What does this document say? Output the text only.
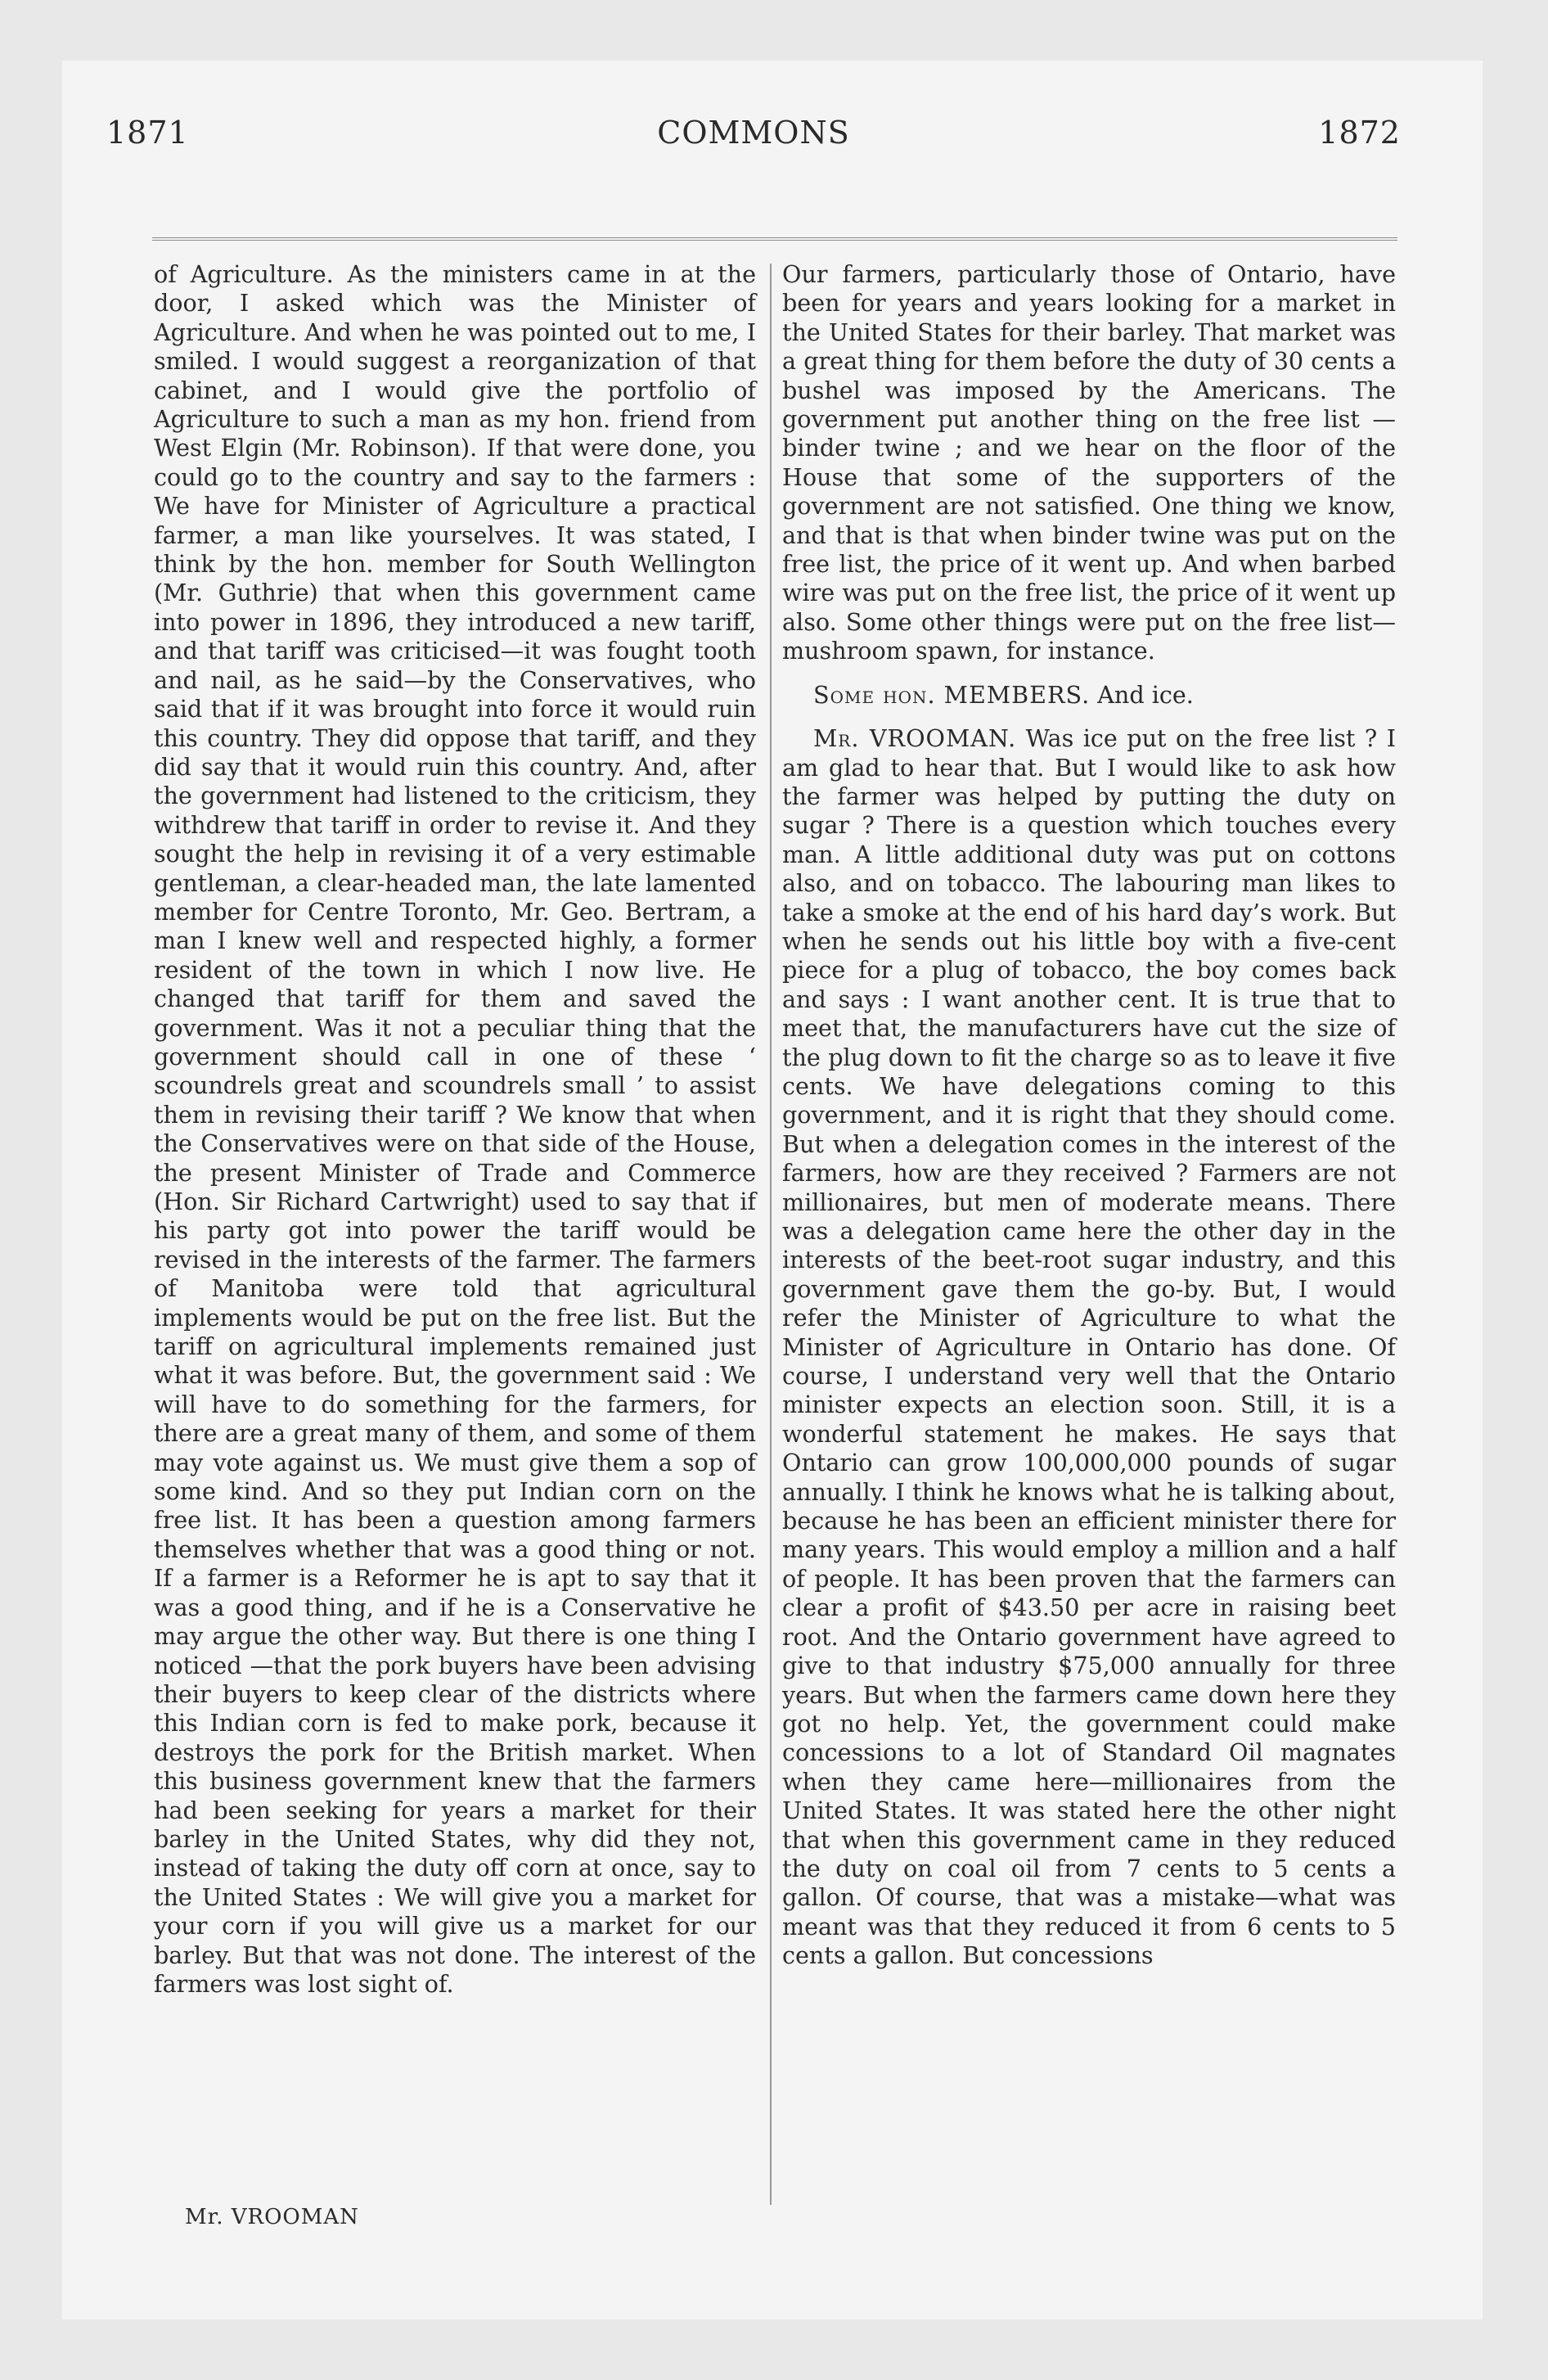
1871	COMMONS	1872

of Agriculture. As the ministers came in at the door, I asked which was the Minister of Agriculture. And when he was pointed out to me, I smiled. I would suggest a reorganization of that cabinet, and I would give the portfolio of Agriculture to such a man as my hon. friend from West Elgin (Mr. Robinson). If that were done, you could go to the country and say to the farmers : We have for Minister of Agriculture a practical farmer, a man like yourselves. It was stated, I think by the hon. member for South Wellington (Mr. Guthrie) that when this government came into power in 1896, they introduced a new tariff, and that tariff was criticised—it was fought tooth and nail, as he said—by the Conservatives, who said that if it was brought into force it would ruin this country. They did oppose that tariff, and they did say that it would ruin this country. And, after the government had listened to the criticism, they withdrew that tariff in order to revise it. And they sought the help in revising it of a very estimable gentleman, a clear-headed man, the late lamented member for Centre Toronto, Mr. Geo. Bertram, a man I knew well and respected highly, a former resident of the town in which I now live. He changed that tariff for them and saved the government. Was it not a peculiar thing that the government should call in one of these ‘ scoundrels great and scoundrels small ’ to assist them in revising their tariff ? We know that when the Conservatives were on that side of the House, the present Minister of Trade and Commerce (Hon. Sir Richard Cartwright) used to say that if his party got into power the tariff would be revised in the interests of the farmer. The farmers of Manitoba were told that agricultural implements would be put on the free list. But the tariff on agricultural implements remained just what it was before. But, the government said : We will have to do something for the farmers, for there are a great many of them, and some of them may vote against us. We must give them a sop of some kind. And so they put Indian corn on the free list. It has been a question among farmers themselves whether that was a good thing or not. If a farmer is a Reformer he is apt to say that it was a good thing, and if he is a Conservative he may argue the other way. But there is one thing I noticed —that the pork buyers have been advising their buyers to keep clear of the districts where this Indian corn is fed to make pork, because it destroys the pork for the British market. When this business government knew that the farmers had been seeking for years a market for their barley in the United States, why did they not, instead of taking the duty off corn at once, say to the United States : We will give you a market for your corn if you will give us a market for our barley. But that was not done. The interest of the farmers was lost sight of.

Our farmers, particularly those of Ontario, have been for years and years looking for a market in the United States for their barley. That market was a great thing for them before the duty of 30 cents a bushel was imposed by the Americans. The government put another thing on the free list —binder twine ; and we hear on the floor of the House that some of the supporters of the government are not satisfied. One thing we know, and that is that when binder twine was put on the free list, the price of it went up. And when barbed wire was put on the free list, the price of it went up also. Some other things were put on the free list—mushroom spawn, for instance.

Some hon. MEMBERS. And ice.

Mr. VROOMAN. Was ice put on the free list ? I am glad to hear that. But I would like to ask how the farmer was helped by putting the duty on sugar ? There is a question which touches every man. A little additional duty was put on cottons also, and on tobacco. The labouring man likes to take a smoke at the end of his hard day’s work. But when he sends out his little boy with a five-cent piece for a plug of tobacco, the boy comes back and says : I want another cent. It is true that to meet that, the manufacturers have cut the size of the plug down to fit the charge so as to leave it five cents. We have delegations coming to this government, and it is right that they should come. But when a delegation comes in the interest of the farmers, how are they received ? Farmers are not millionaires, but men of moderate means. There was a delegation came here the other day in the interests of the beet-root sugar industry, and this government gave them the go-by. But, I would refer the Minister of Agriculture to what the Minister of Agriculture in Ontario has done. Of course, I understand very well that the Ontario minister expects an election soon. Still, it is a wonderful statement he makes. He says that Ontario can grow 100,000,000 pounds of sugar annually. I think he knows what he is talking about, because he has been an efficient minister there for many years. This would employ a million and a half of people. It has been proven that the farmers can clear a profit of $43.50 per acre in raising beet root. And the Ontario government have agreed to give to that industry $75,000 annually for three years. But when the farmers came down here they got no help. Yet, the government could make concessions to a lot of Standard Oil magnates when they came here—millionaires from the United States. It was stated here the other night that when this government came in they reduced the duty on coal oil from 7 cents to 5 cents a gallon. Of course, that was a mistake—what was meant was that they reduced it from 6 cents to 5 cents a gallon. But concessions

Mr. VROOMAN
